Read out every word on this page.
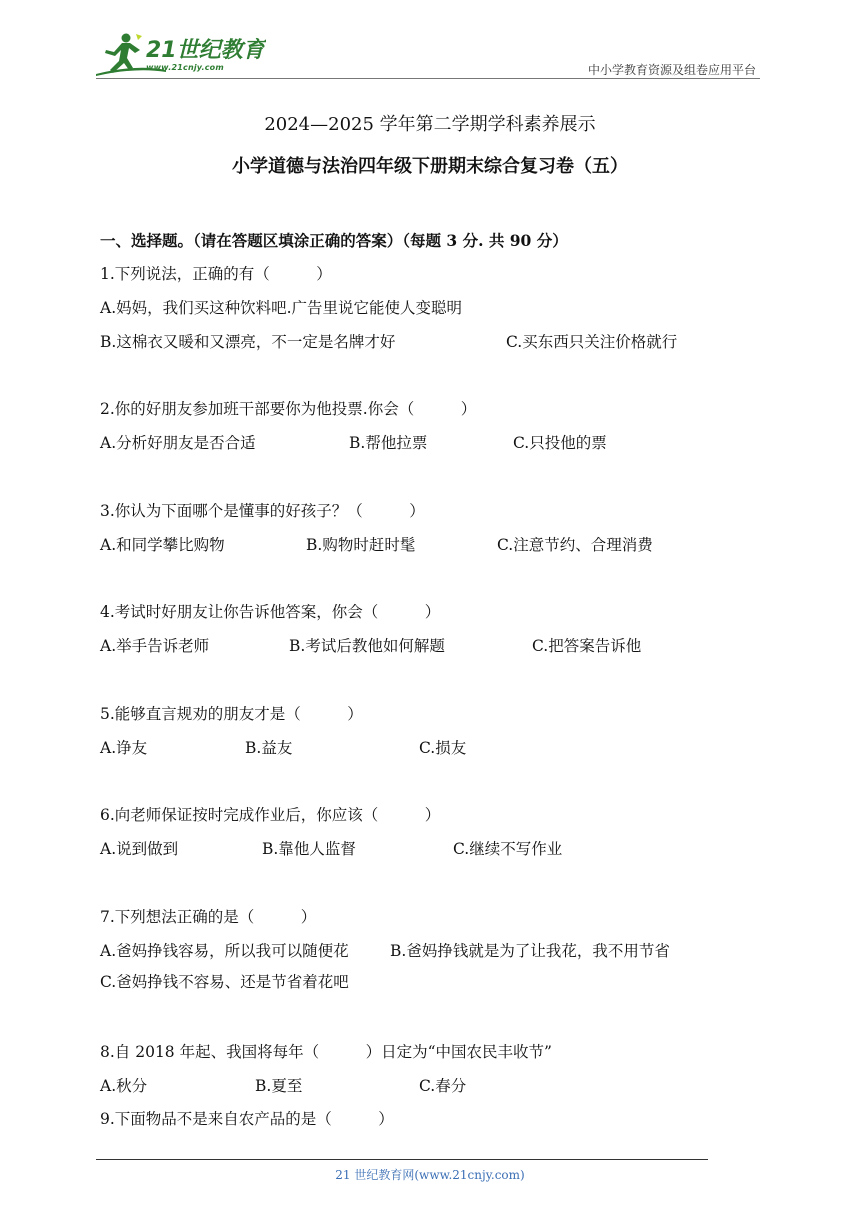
21世纪教育
www.21cnjy.com	中小学教育资源及组卷应用平台
2024—2025 学年第二学期学科素养展示
小学道德与法治四年级下册期末综合复习卷（五）
一、选择题。（请在答题区填涂正确的答案）（每题 3 分. 共 90 分）
1.下列说法，正确的有（　　　）
A.妈妈，我们买这种饮料吧.广告里说它能使人变聪明
B.这棉衣又暖和又漂亮，不一定是名牌才好	C.买东西只关注价格就行
2.你的好朋友参加班干部要你为他投票.你会（　　　）
A.分析好朋友是否合适	B.帮他拉票	C.只投他的票
3.你认为下面哪个是懂事的好孩子？（　　　）
A.和同学攀比购物	B.购物时赶时髦	C.注意节约、合理消费
4.考试时好朋友让你告诉他答案，你会（　　　）
A.举手告诉老师	B.考试后教他如何解题	C.把答案告诉他
5.能够直言规劝的朋友才是（　　　）
A.诤友	B.益友	C.损友
6.向老师保证按时完成作业后，你应该（　　　）
A.说到做到	B.靠他人监督	C.继续不写作业
7.下列想法正确的是（　　　）
A.爸妈挣钱容易，所以我可以随便花	B.爸妈挣钱就是为了让我花，我不用节省
C.爸妈挣钱不容易、还是节省着花吧
8.自 2018 年起、我国将每年（　　　）日定为“中国农民丰收节”
A.秋分	B.夏至	C.春分
9.下面物品不是来自农产品的是（　　　）
21 世纪教育网(www.21cnjy.com)
